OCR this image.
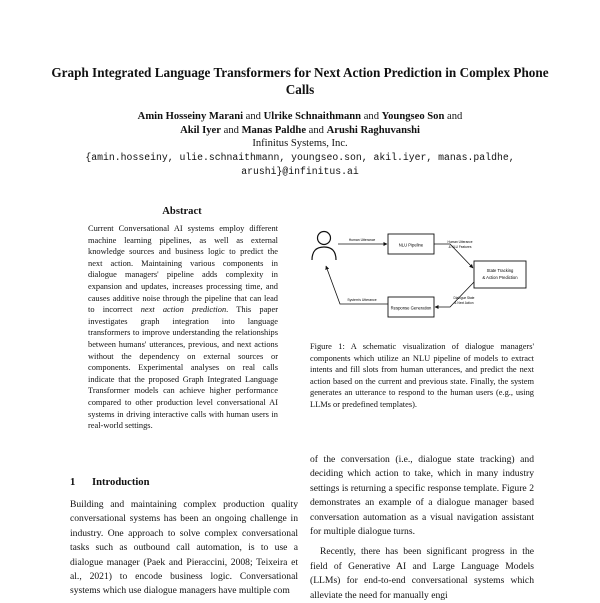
Graph Integrated Language Transformers for Next Action Prediction in Complex Phone Calls
Amin Hosseiny Marani and Ulrike Schnaithmann and Youngseo Son and
Akil Iyer and Manas Paldhe and Arushi Raghuvanshi
Infinitus Systems, Inc.
{amin.hosseiny, ulie.schnaithmann, youngseo.son, akil.iyer, manas.paldhe, arushi}@infinitus.ai
Abstract
Current Conversational AI systems employ different machine learning pipelines, as well as external knowledge sources and business logic to predict the next action. Maintaining various components in dialogue managers' pipeline adds complexity in expansion and updates, increases processing time, and causes additive noise through the pipeline that can lead to incorrect next action prediction. This paper investigates graph integration into language transformers to improve understanding the relationships between humans' utterances, previous, and next actions without the dependency on external sources or components. Experimental analyses on real calls indicate that the proposed Graph Integrated Language Transformer models can achieve higher performance compared to other production level conversational AI systems in driving interactive calls with human users in real-world settings.
1 Introduction
Building and maintaining complex production quality conversational systems has been an ongoing challenge in industry. One approach to solve complex conversational tasks such as outbound call automation, is to use a dialogue manager (Paek and Pieraccini, 2008; Teixeira et al., 2021) to encode business logic. Conversational systems which use dialogue managers have multiple com
Human Utterance
NLU Pipeline
Response Generation
State Tracking
& Action Prediction
Human Utterance
& NLU Features
Dialogue State
& Next Action
System's Utterance
Figure 1: A schematic visualization of dialogue managers' components which utilize an NLU pipeline of models to extract intents and fill slots from human utterances, and predict the next action based on the current and previous state. Finally, the system generates an utterance to respond to the human users (e.g., using LLMs or predefined templates).

of the conversation (i.e., dialogue state tracking) and deciding which action to take, which in many industry settings is returning a specific response template. Figure 2 demonstrates an example of a dialogue manager based conversation automation as a visual navigation assistant for multiple dialogue turns.

Recently, there has been significant progress in the field of Generative AI and Large Language Models (LLMs) for end-to-end conversational systems which alleviate the need for manually engi
